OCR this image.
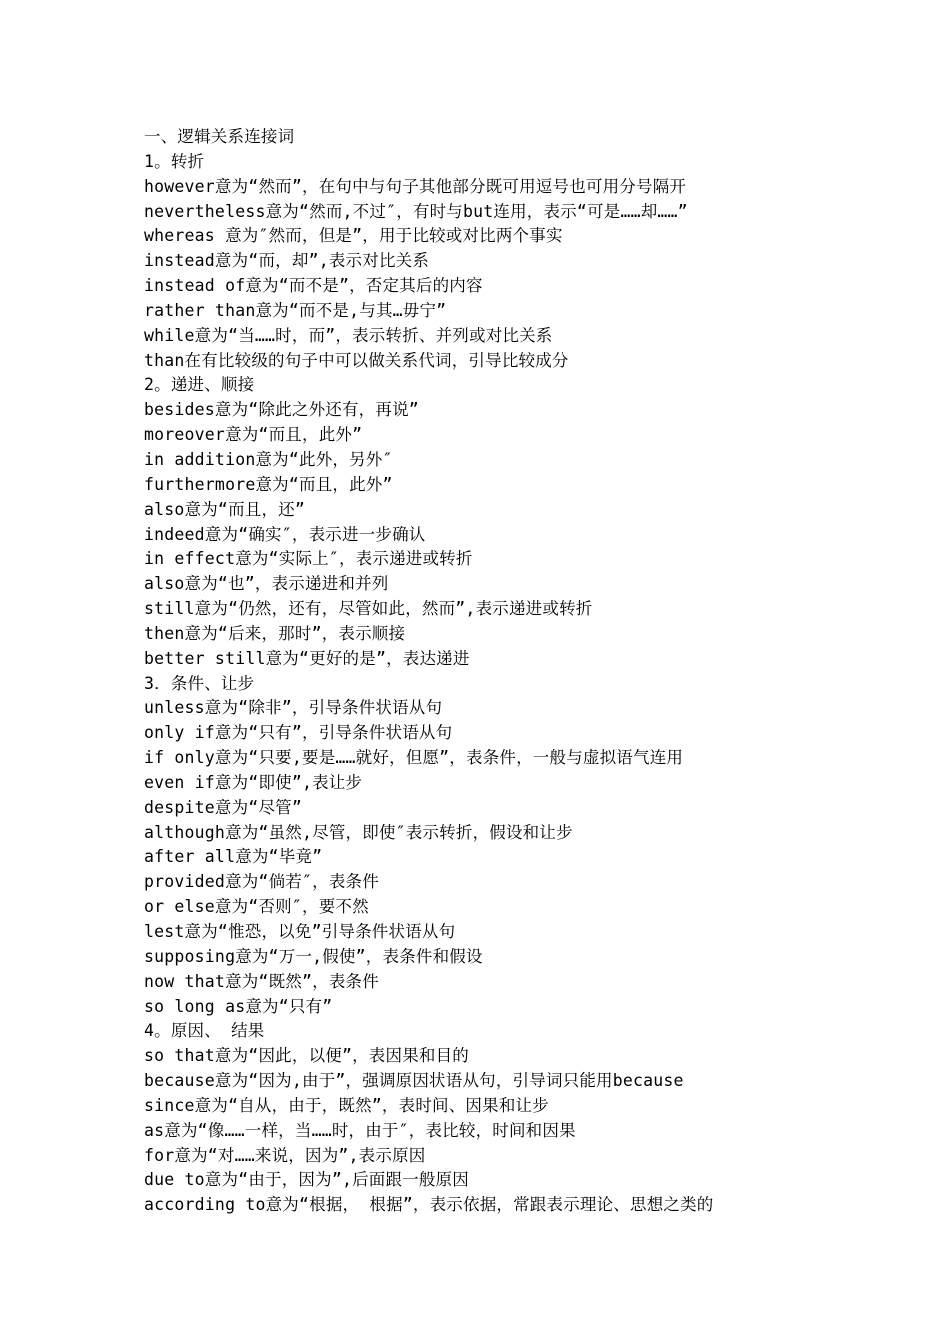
一、逻辑关系连接词
1。转折
however意为“然而”，在句中与句子其他部分既可用逗号也可用分号隔开
nevertheless意为“然而,不过″，有时与but连用，表示“可是……却……”
whereas 意为″然而，但是”，用于比较或对比两个事实
instead意为“而，却”,表示对比关系
instead of意为“而不是”，否定其后的内容
rather than意为“而不是,与其…毋宁”
while意为“当……时，而”，表示转折、并列或对比关系
than在有比较级的句子中可以做关系代词，引导比较成分
2。递进、顺接
besides意为“除此之外还有，再说”
moreover意为“而且，此外”
in addition意为“此外，另外″
furthermore意为“而且，此外”
also意为“而且，还”
indeed意为“确实″，表示进一步确认
in effect意为“实际上″，表示递进或转折
also意为“也”，表示递进和并列
still意为“仍然，还有，尽管如此，然而”,表示递进或转折
then意为“后来，那时”，表示顺接
better still意为“更好的是”，表达递进
3．条件、让步
unless意为“除非”，引导条件状语从句
only if意为“只有”，引导条件状语从句
if only意为“只要,要是……就好，但愿”，表条件，一般与虚拟语气连用
even if意为“即使”,表让步
despite意为“尽管”
although意为“虽然,尽管，即使″表示转折，假设和让步
after all意为“毕竟”
provided意为“倘若″，表条件
or else意为“否则″，要不然
lest意为“惟恐，以免”引导条件状语从句
supposing意为“万一,假使”，表条件和假设
now that意为“既然”，表条件
so long as意为“只有”
4。原因、 结果
so that意为“因此，以便”，表因果和目的
because意为“因为,由于”，强调原因状语从句，引导词只能用because
since意为“自从，由于，既然”，表时间、因果和让步
as意为“像……一样，当……时，由于″，表比较，时间和因果
for意为“对……来说，因为”,表示原因
due to意为“由于，因为”,后面跟一般原因
according to意为“根据， 根据”，表示依据，常跟表示理论、思想之类的
